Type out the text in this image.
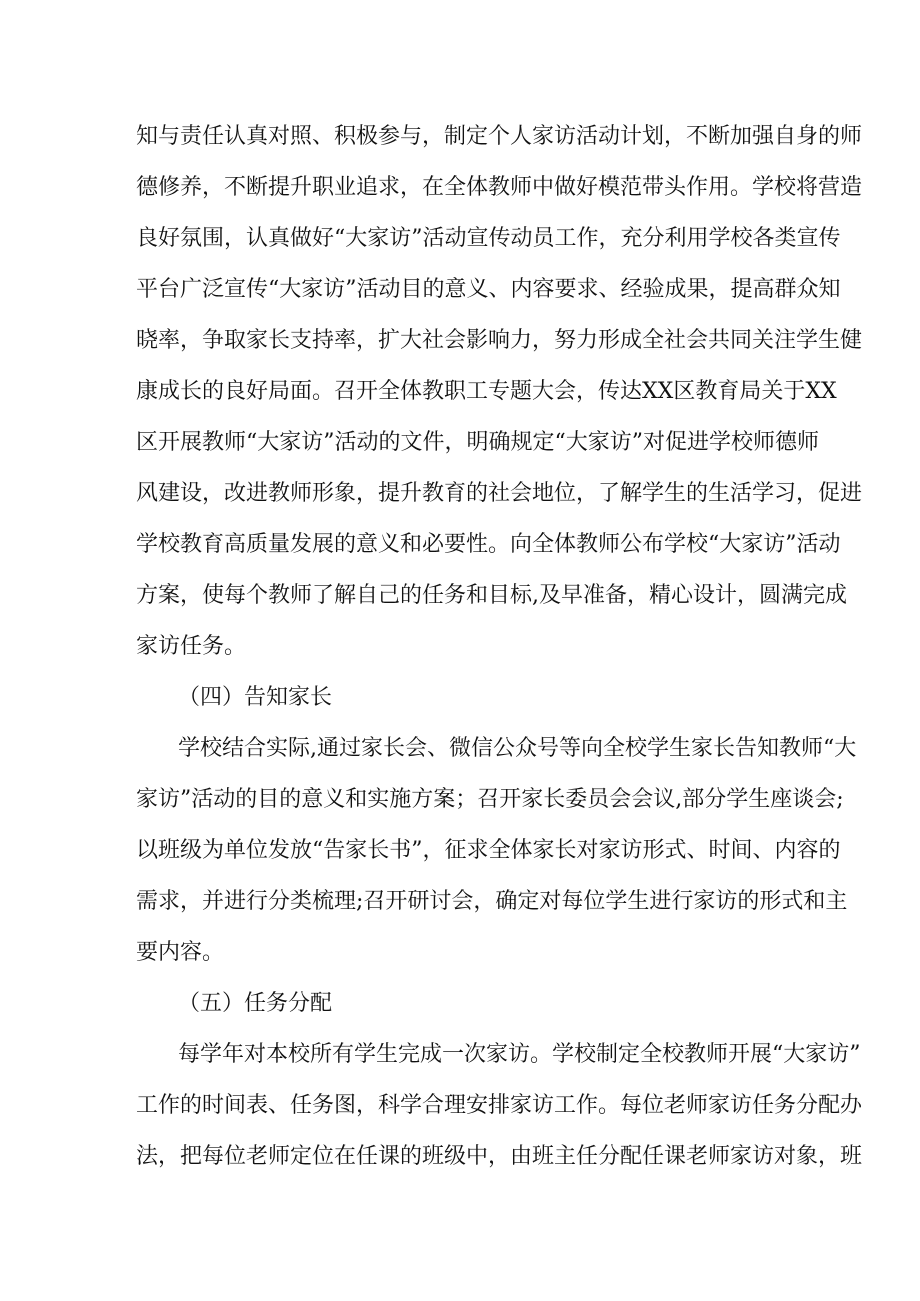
知与责任认真对照、积极参与，制定个人家访活动计划，不断加强自身的师
德修养，不断提升职业追求，在全体教师中做好模范带头作用。学校将营造
良好氛围，认真做好“大家访”活动宣传动员工作，充分利用学校各类宣传
平台广泛宣传“大家访”活动目的意义、内容要求、经验成果，提高群众知
晓率，争取家长支持率，扩大社会影响力，努力形成全社会共同关注学生健
康成长的良好局面。召开全体教职工专题大会，传达XX区教育局关于XX
区开展教师“大家访”活动的文件，明确规定“大家访”对促进学校师德师
风建设，改进教师形象，提升教育的社会地位，了解学生的生活学习，促进
学校教育高质量发展的意义和必要性。向全体教师公布学校“大家访”活动
方案，使每个教师了解自己的任务和目标,及早准备，精心设计，圆满完成
家访任务。
（四）告知家长
学校结合实际,通过家长会、微信公众号等向全校学生家长告知教师“大
家访”活动的目的意义和实施方案；召开家长委员会会议,部分学生座谈会;
以班级为单位发放“告家长书”，征求全体家长对家访形式、时间、内容的
需求，并进行分类梳理;召开研讨会，确定对每位学生进行家访的形式和主
要内容。
（五）任务分配
每学年对本校所有学生完成一次家访。学校制定全校教师开展“大家访”
工作的时间表、任务图，科学合理安排家访工作。每位老师家访任务分配办
法，把每位老师定位在任课的班级中，由班主任分配任课老师家访对象，班
